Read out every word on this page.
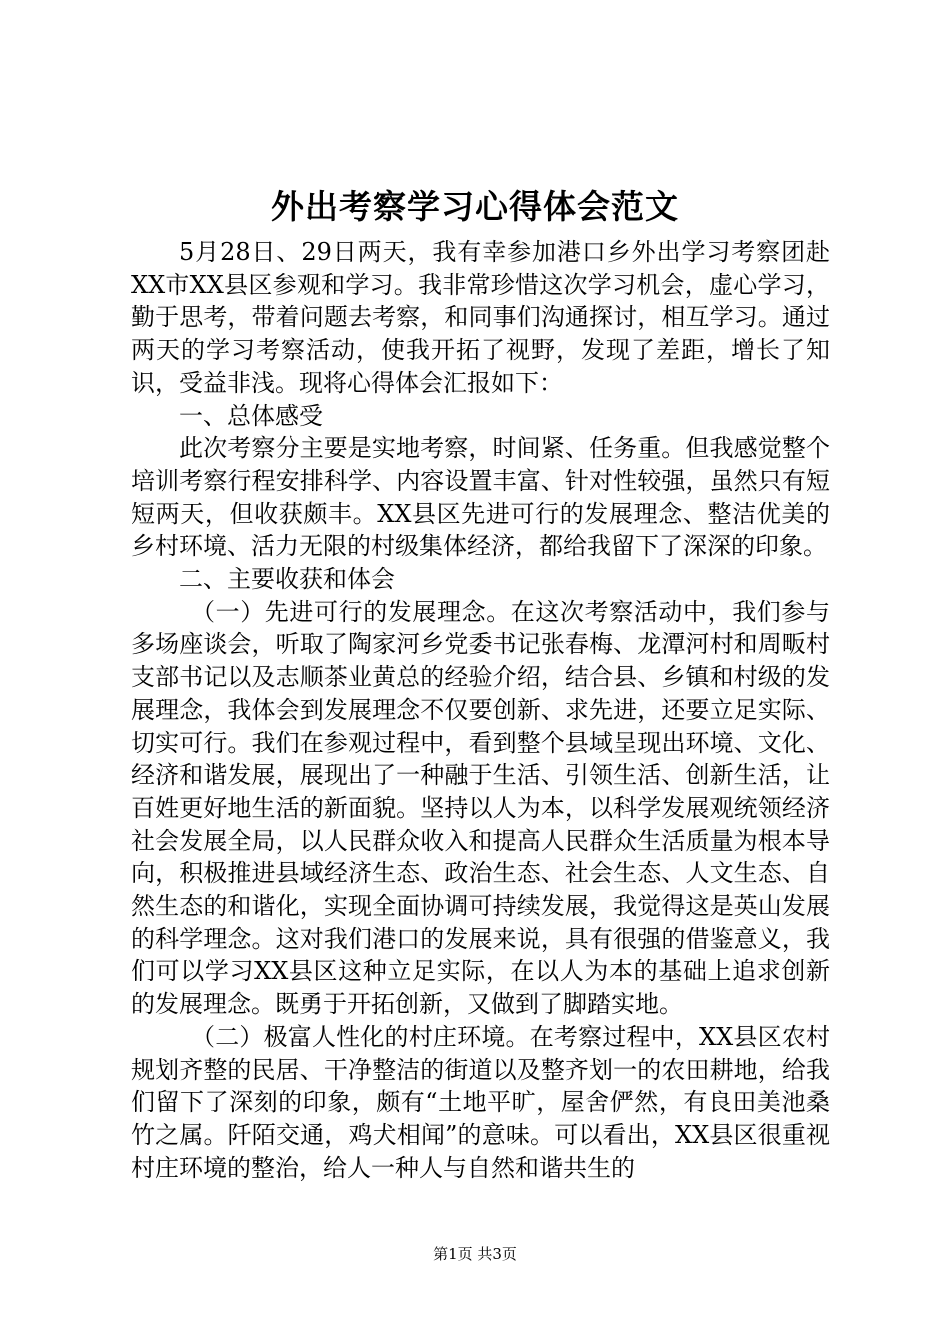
外出考察学习心得体会范文

5月28日、29日两天，我有幸参加港口乡外出学习考察团赴XX市XX县区参观和学习。我非常珍惜这次学习机会，虚心学习，勤于思考，带着问题去考察，和同事们沟通探讨，相互学习。通过两天的学习考察活动，使我开拓了视野，发现了差距，增长了知识，受益非浅。现将心得体会汇报如下：

一、总体感受

此次考察分主要是实地考察，时间紧、任务重。但我感觉整个培训考察行程安排科学、内容设置丰富、针对性较强，虽然只有短短两天，但收获颇丰。XX县区先进可行的发展理念、整洁优美的乡村环境、活力无限的村级集体经济，都给我留下了深深的印象。

二、主要收获和体会

（一）先进可行的发展理念。在这次考察活动中，我们参与多场座谈会，听取了陶家河乡党委书记张春梅、龙潭河村和周畈村支部书记以及志顺茶业黄总的经验介绍，结合县、乡镇和村级的发展理念，我体会到发展理念不仅要创新、求先进，还要立足实际、切实可行。我们在参观过程中，看到整个县域呈现出环境、文化、经济和谐发展，展现出了一种融于生活、引领生活、创新生活，让百姓更好地生活的新面貌。坚持以人为本，以科学发展观统领经济社会发展全局，以人民群众收入和提高人民群众生活质量为根本导向，积极推进县域经济生态、政治生态、社会生态、人文生态、自然生态的和谐化，实现全面协调可持续发展，我觉得这是英山发展的科学理念。这对我们港口的发展来说，具有很强的借鉴意义，我们可以学习XX县区这种立足实际，在以人为本的基础上追求创新的发展理念。既勇于开拓创新，又做到了脚踏实地。

（二）极富人性化的村庄环境。在考察过程中，XX县区农村规划齐整的民居、干净整洁的街道以及整齐划一的农田耕地，给我们留下了深刻的印象，颇有“土地平旷，屋舍俨然，有良田美池桑竹之属。阡陌交通，鸡犬相闻”的意味。可以看出，XX县区很重视村庄环境的整治，给人一种人与自然和谐共生的

第1页 共3页
